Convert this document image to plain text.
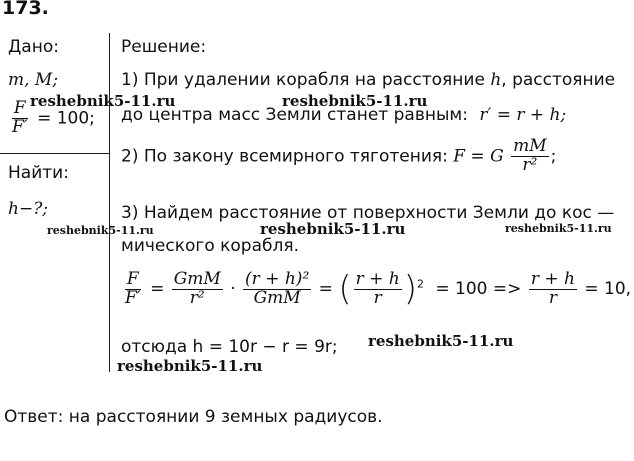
173.
Дано:
m, M;
$\frac{F}{F'} = 100$;
Найти:
h−?;
Решение:
1) При удалении корабля на расстояние h, расстояние
до центра масс Земли станет равным: r′ = r + h;
2) По закону всемирного тяготения: F = G $\frac{mM}{\text{r²}}$ ;
3) Найдем расстояние от поверхности Земли до кос —
мического корабля.
$\frac{F}{F'} = \frac{\text{GmM}}{\text{r²}} \cdot \frac{\text{(r + h)²}}{\text{GmM}}$ = ( $\frac{r + h}{r} )^2 = 100 => \frac{r + h}{r} = 10$,
отсюда h = 10r − r = 9r;
Ответ: на расстоянии 9 земных радиусов.
reshebnik5-11.ru	reshebnik5-11.ru
reshebnik5-11.ru	reshebnik5-11.ru	reshebnik5-11.ru
reshebnik5-11.ru
reshebnik5-11.ru
